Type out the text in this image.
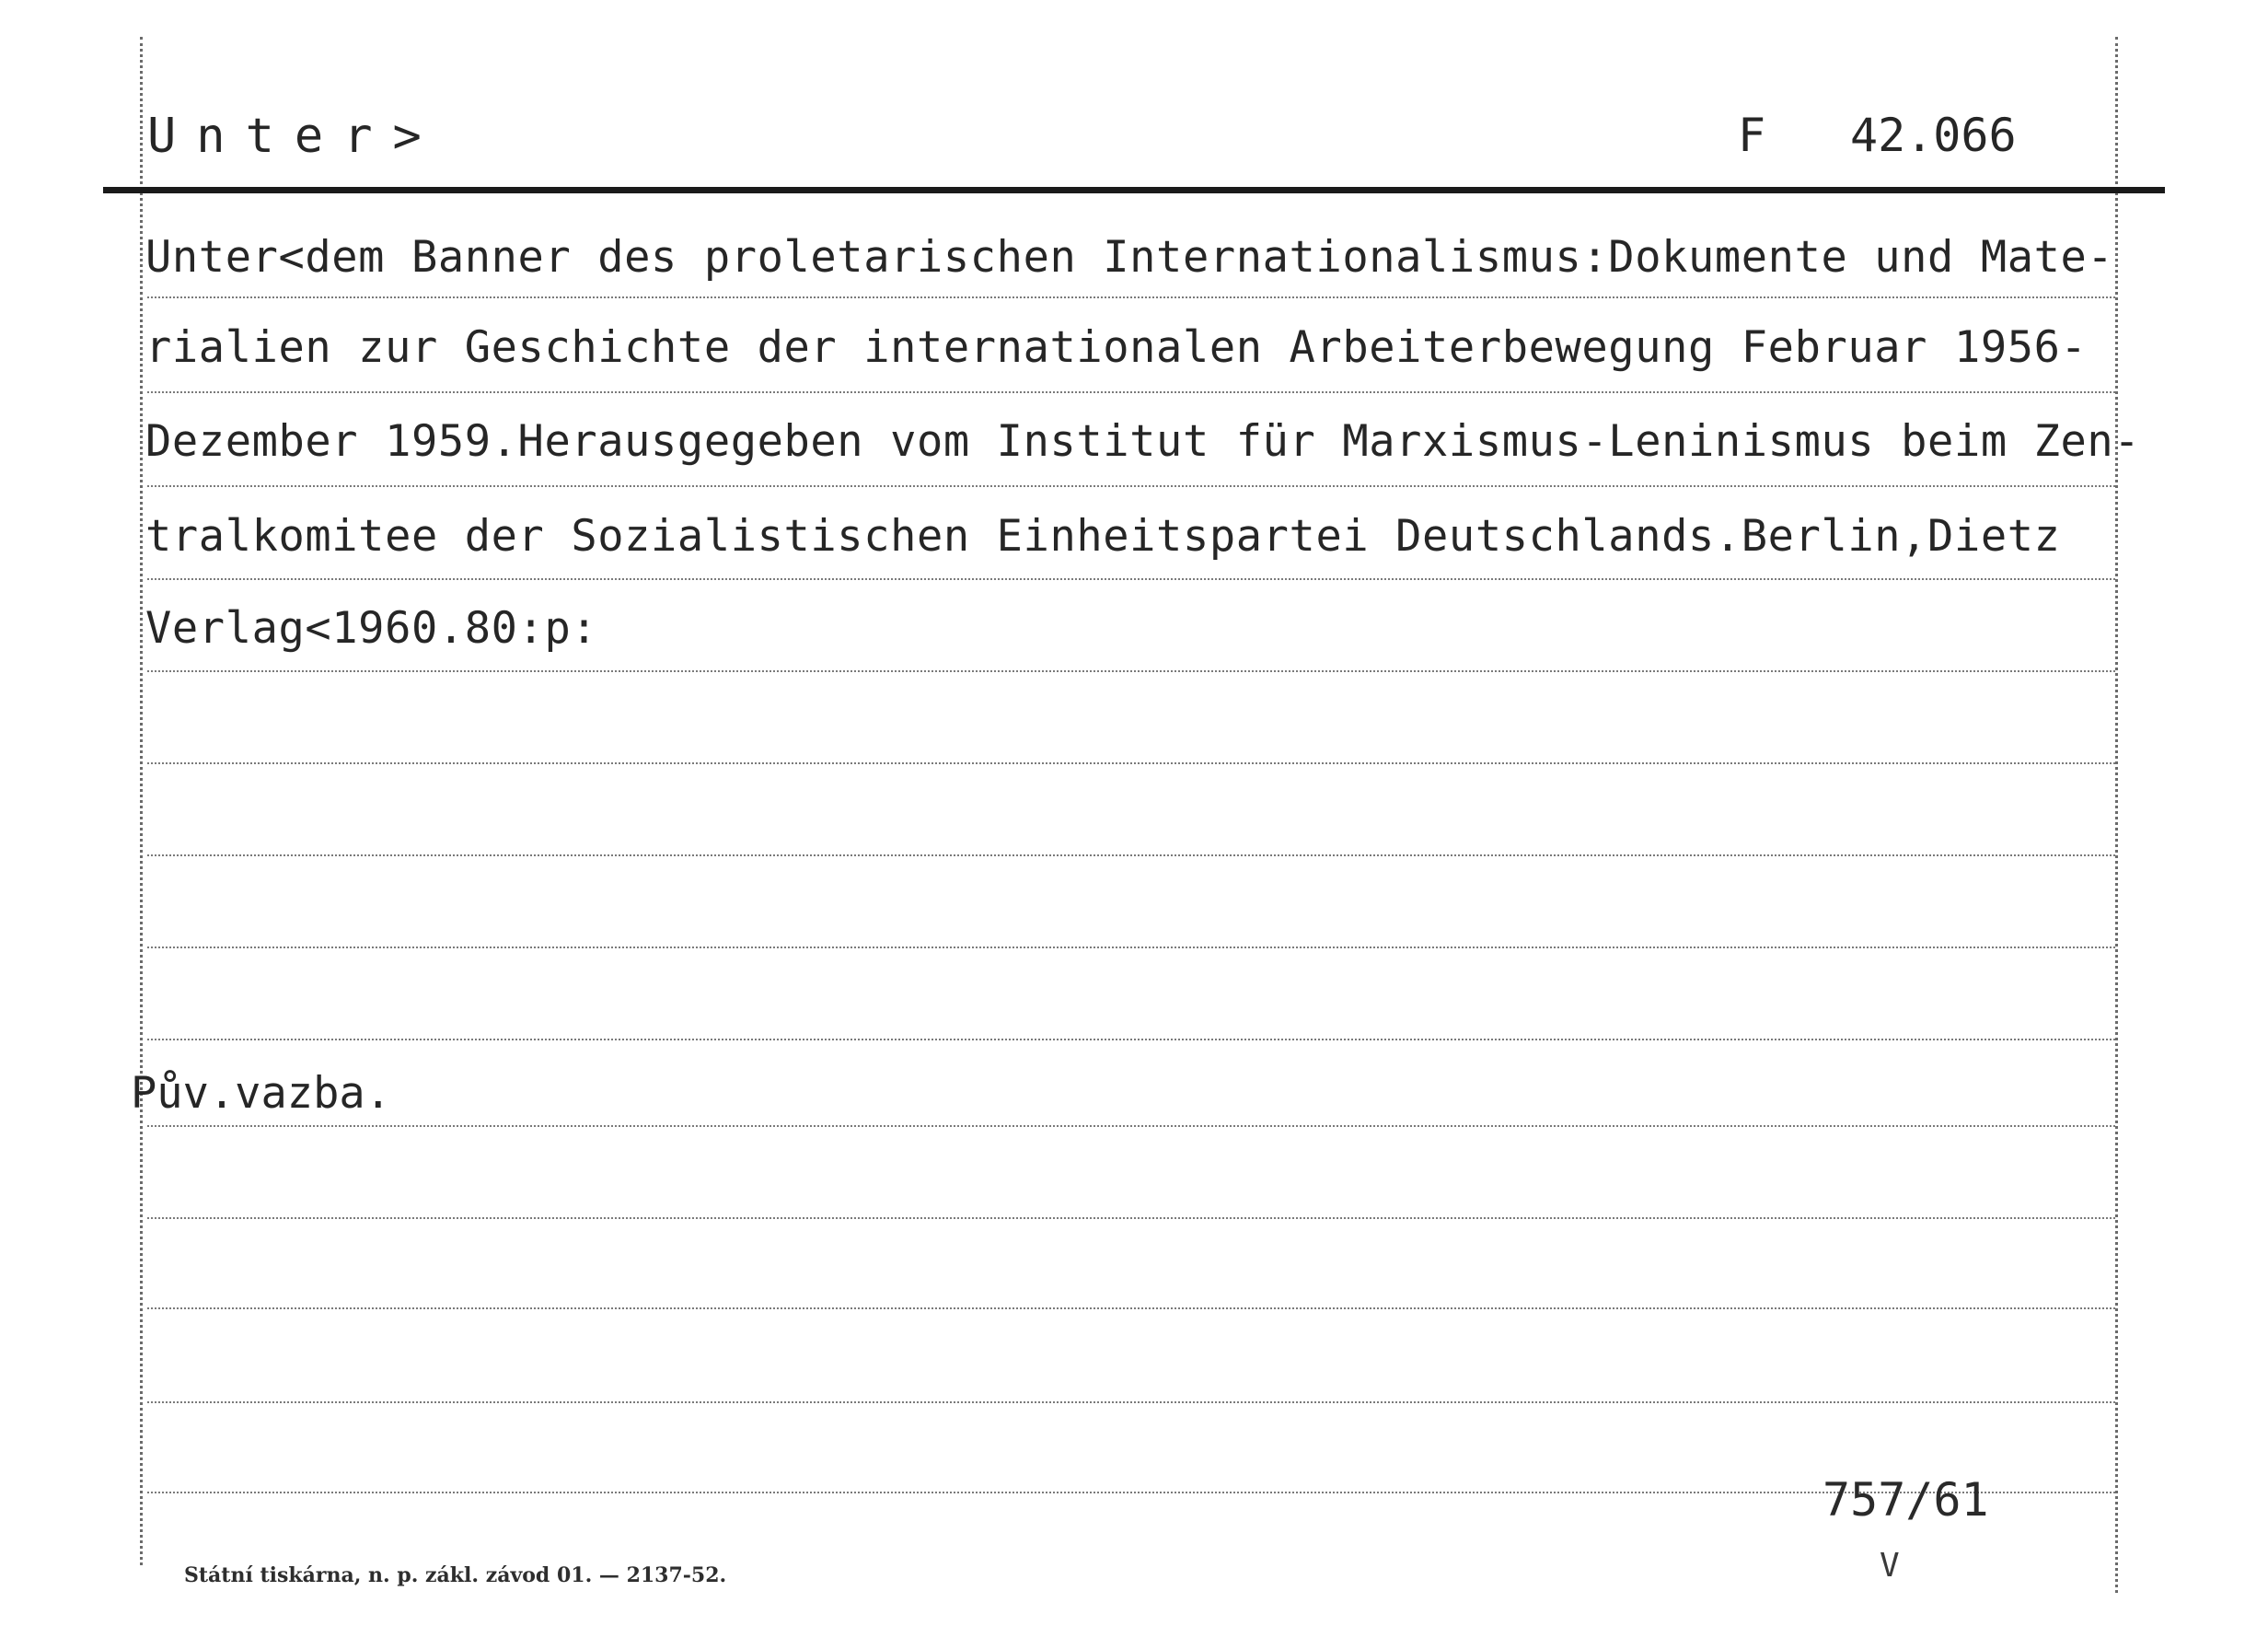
Unter>	F 42.066
Unter<dem Banner des proletarischen Internationalismus:Dokumente und Mate-
rialien zur Geschichte der internationalen Arbeiterbewegung Februar 1956-
Dezember 1959.Herausgegeben vom Institut für Marxismus-Leninismus beim Zen-
tralkomitee der Sozialistischen Einheitspartei Deutschlands.Berlin,Dietz
Verlag<1960.80:p:
Pův.vazba.
757/61
V
Státní tiskárna, n. p. zákl. závod 01. — 2137-52.
